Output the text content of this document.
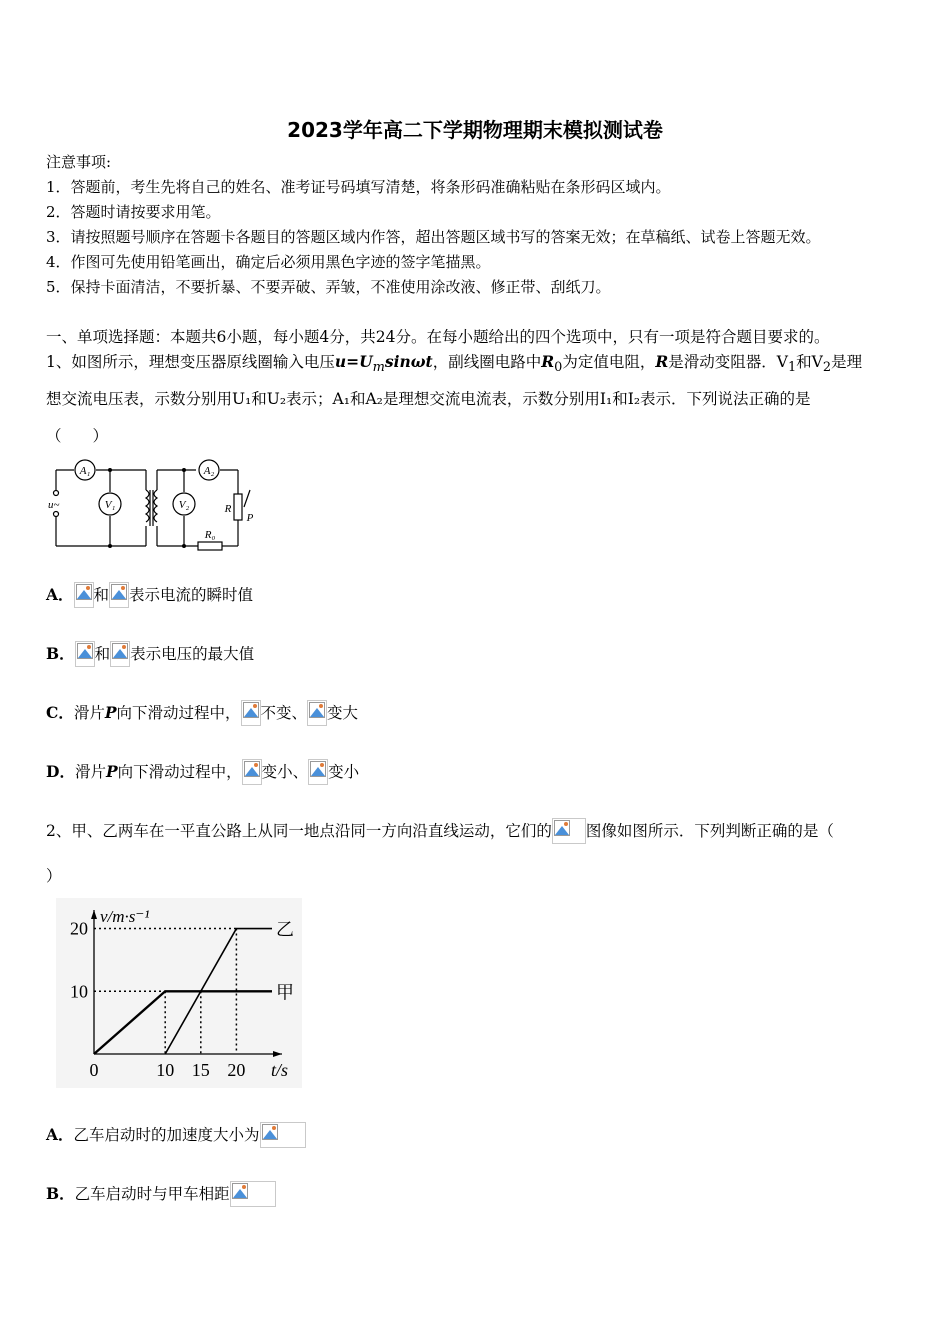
2023学年高二下学期物理期末模拟测试卷
注意事项:
1．答题前，考生先将自己的姓名、准考证号码填写清楚，将条形码准确粘贴在条形码区域内。
2．答题时请按要求用笔。
3．请按照题号顺序在答题卡各题目的答题区域内作答，超出答题区域书写的答案无效；在草稿纸、试卷上答题无效。
4．作图可先使用铅笔画出，确定后必须用黑色字迹的签字笔描黑。
5．保持卡面清洁，不要折暴、不要弄破、弄皱，不准使用涂改液、修正带、刮纸刀。
一、单项选择题：本题共6小题，每小题4分，共24分。在每小题给出的四个选项中，只有一项是符合题目要求的。
1、如图所示，理想变压器原线圈输入电压$u=U_m\sin\omega t$，副线圈电路中$R_0$为定值电阻，R是滑动变阻器．$V_1$和$V_2$是理
想交流电压表，示数分别用U₁和U₂表示；A₁和A₂是理想交流电流表，示数分别用I₁和I₂表示．下列说法正确的是
（　　）
A₁	A₂
V₁	V₂
u~	R
P
R₀
A． 和 表示电流的瞬时值
B． 和 表示电压的最大值
C．滑片P向下滑动过程中， 不变、 变大
D．滑片P向下滑动过程中， 变小、 变小
2、甲、乙两车在一平直公路上从同一地点沿同一方向沿直线运动，它们的 图像如图所示．下列判断正确的是（
）
10
20
0	10 15 20
v/m·s⁻¹
t/s
甲
乙
A．乙车启动时的加速度大小为
B．乙车启动时与甲车相距
